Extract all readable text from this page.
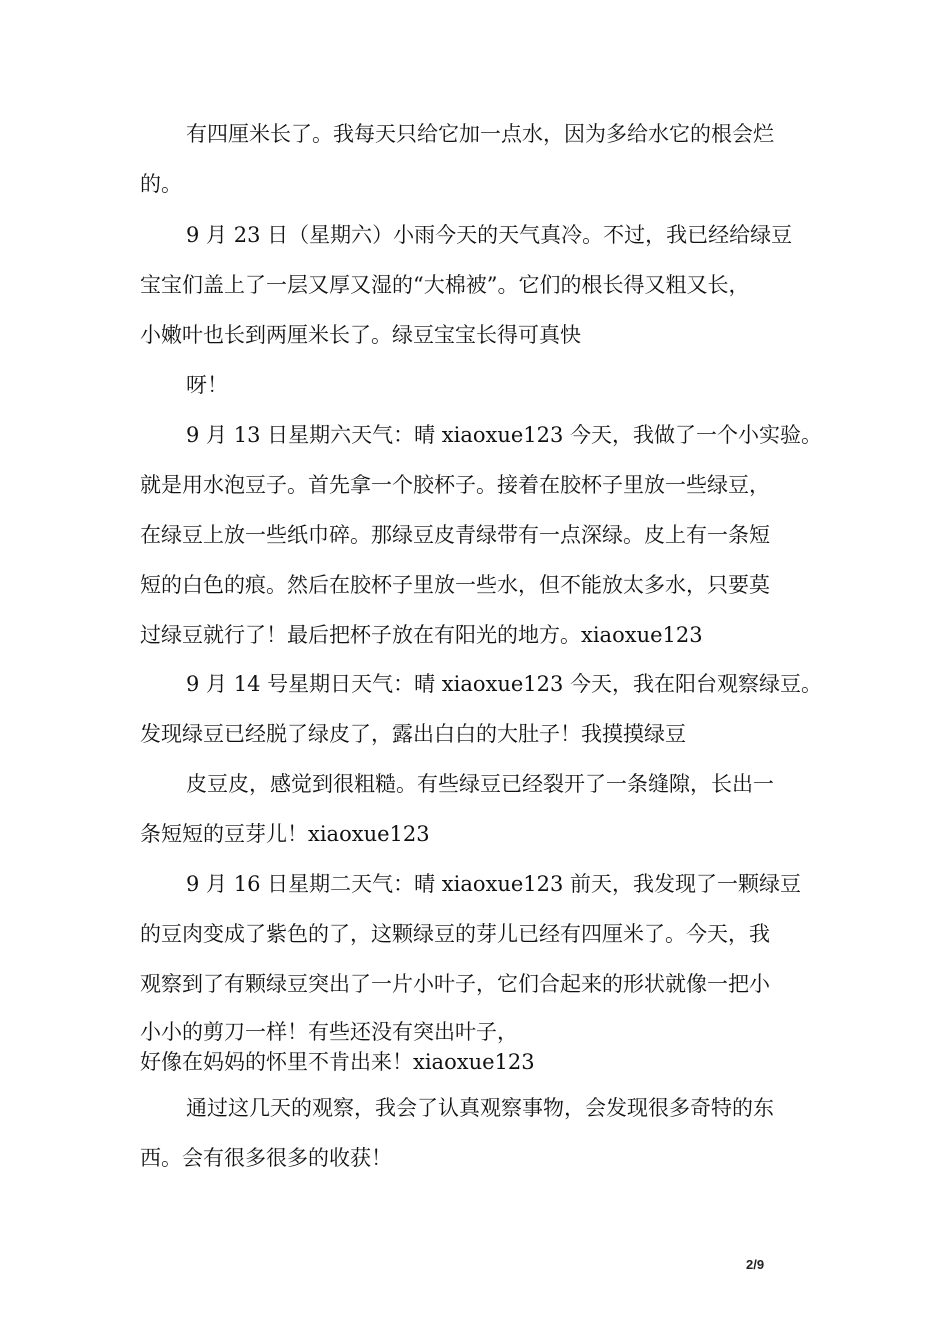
有四厘米长了。我每天只给它加一点水，因为多给水它的根会烂
的。
9 月 23 日（星期六）小雨今天的天气真冷。不过，我已经给绿豆
宝宝们盖上了一层又厚又湿的“大棉被”。它们的根长得又粗又长，
小嫩叶也长到两厘米长了。绿豆宝宝长得可真快
呀！
9 月 13 日星期六天气：晴 xiaoxue123 今天，我做了一个小实验。
就是用水泡豆子。首先拿一个胶杯子。接着在胶杯子里放一些绿豆，
在绿豆上放一些纸巾碎。那绿豆皮青绿带有一点深绿。皮上有一条短
短的白色的痕。然后在胶杯子里放一些水，但不能放太多水，只要莫
过绿豆就行了！最后把杯子放在有阳光的地方。xiaoxue123
9 月 14 号星期日天气：晴 xiaoxue123 今天，我在阳台观察绿豆。
发现绿豆已经脱了绿皮了，露出白白的大肚子！我摸摸绿豆
皮豆皮，感觉到很粗糙。有些绿豆已经裂开了一条缝隙，长出一
条短短的豆芽儿！xiaoxue123
9 月 16 日星期二天气：晴 xiaoxue123 前天，我发现了一颗绿豆
的豆肉变成了紫色的了，这颗绿豆的芽儿已经有四厘米了。今天，我
观察到了有颗绿豆突出了一片小叶子，它们合起来的形状就像一把小
小小的剪刀一样！有些还没有突出叶子，
好像在妈妈的怀里不肯出来！xiaoxue123
通过这几天的观察，我会了认真观察事物，会发现很多奇特的东
西。会有很多很多的收获！
2/9
